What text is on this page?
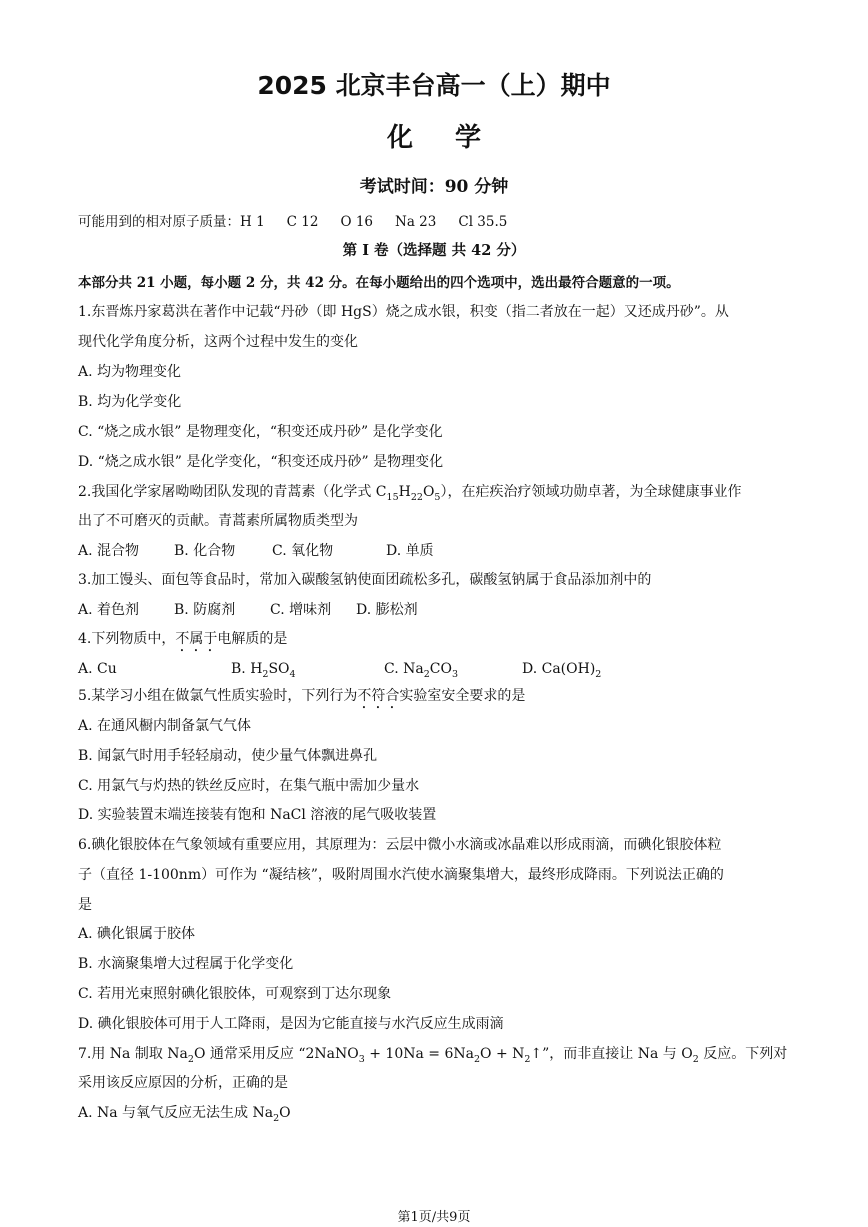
2025 北京丰台高一（上）期中
化学
考试时间：90 分钟
可能用到的相对原子质量：H 1 C 12 O 16 Na 23 Cl 35.5
第 I 卷（选择题 共 42 分）
本部分共 21 小题，每小题 2 分，共 42 分。在每小题给出的四个选项中，选出最符合题意的一项。
1.东晋炼丹家葛洪在著作中记载“丹砂（即 HgS）烧之成水银，积变（指二者放在一起）又还成丹砂”。从
现代化学角度分析，这两个过程中发生的变化
A. 均为物理变化
B. 均为化学变化
C. “烧之成水银” 是物理变化，“积变还成丹砂” 是化学变化
D. “烧之成水银” 是化学变化，“积变还成丹砂” 是物理变化
2.我国化学家屠呦呦团队发现的青蒿素（化学式 $C_{15}H_{22}O_5$），在疟疾治疗领域功勋卓著，为全球健康事业作
出了不可磨灭的贡献。青蒿素所属物质类型为
A. 混合物 B. 化合物	C. 氧化物	D. 单质
3.加工馒头、面包等食品时，常加入碳酸氢钠使面团疏松多孔，碳酸氢钠属于食品添加剂中的
A. 着色剂 B. 防腐剂 C. 增味剂 D. 膨松剂
4.下列物质中，不属于电解质的是
A. Cu	B. $H_2SO_4$	C. $Na_2CO_3$	D. $Ca(OH)_2$
5.某学习小组在做氯气性质实验时，下列行为不符合实验室安全要求的是
A. 在通风橱内制备氯气气体
B. 闻氯气时用手轻轻扇动，使少量气体飘进鼻孔
C. 用氯气与灼热的铁丝反应时，在集气瓶中需加少量水
D. 实验装置末端连接装有饱和 NaCl 溶液的尾气吸收装置
6.碘化银胶体在气象领域有重要应用，其原理为：云层中微小水滴或冰晶难以形成雨滴，而碘化银胶体粒
子（直径 1-100nm）可作为 “凝结核”，吸附周围水汽使水滴聚集增大，最终形成降雨。下列说法正确的
是
A. 碘化银属于胶体
B. 水滴聚集增大过程属于化学变化
C. 若用光束照射碘化银胶体，可观察到丁达尔现象
D. 碘化银胶体可用于人工降雨，是因为它能直接与水汽反应生成雨滴
7.用 Na 制取 $Na_2O$ 通常采用反应 “2NaNO$_3$ + $10Na = 6Na_2O$ + $N_2↑$”，而非直接让 Na 与 $O_2$ 反应。下列对
采用该反应原因的分析，正确的是
A. Na 与氧气反应无法生成 $Na_2O$
第1页/共9页
